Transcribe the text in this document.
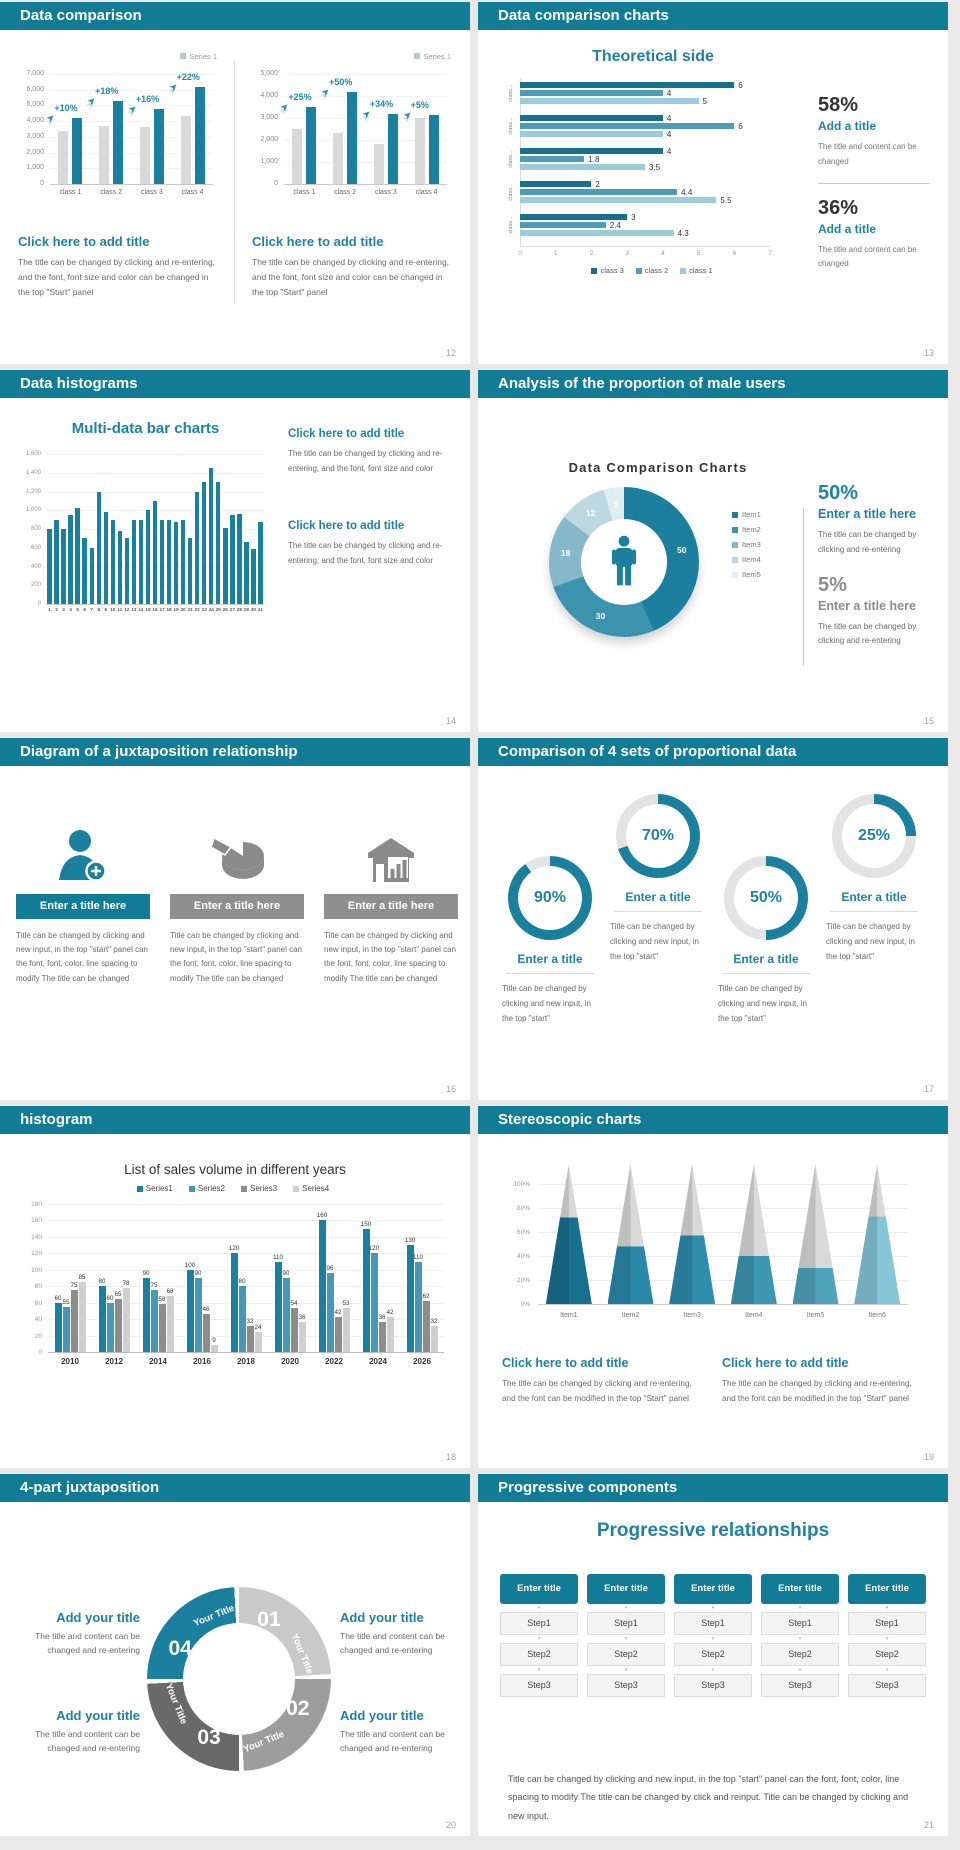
Data comparison
Series 1
0
1,000
2,000
3,000
4,000
5,000
6,000
7,000
class 1
+10%
➤
class 2
+18%
➤
class 3
+16%
➤
class 4
+22%
➤
Series 1
0
1,000
2,000
3,000
4,000
5,000
class 1
+25%
➤
class 2
+50%
➤
class 3
+34%
➤
class 4
+5%
➤
Click here to add title
The title can be changed by clicking and re-entering, and the font, font size and color can be changed in the top "Start" panel
Click here to add title
The title can be changed by clicking and re-entering, and the font, font size and color can be changed in the top "Start" panel
12
Data comparison charts
Theoretical side
6
4
5
class...
4
6
4
class...
4
1.8
3.5
class...
2
4.4
5.5
class...
3
2.4
4.3
class...
0	1	2	3	4	5	6	7
class 3	class 2	class 1
58%
Add a title
The title and content can be changed
36%
Add a title
The title and content can be changed
13
Data histograms
Multi-data bar charts
0
200
400
600
800
1,000
1,200
1,400
1,600
1 2 3 4 5 6 7 8 9 10 11 12 13 14 15 16 17 18 19 20 21 22 23 24 25 26 27 28 29 30 31
Click here to add title
The title can be changed by clicking and re-entering, and the font, font size and color
Click here to add title
The title can be changed by clicking and re-entering, and the font, font size and color
14
Analysis of the proportion of male users
Data Comparison Charts
50
30
18
12
5
Item1
Item2
Item3
Item4
Item5
50%
Enter a title here
The title can be changed by clicking and re-entering
5%
Enter a title here
The title can be changed by clicking and re-entering
15
Diagram of a juxtaposition relationship
Enter a title here
Title can be changed by clicking and new input, in the top "start" panel can the font, font, color, line spacing to modify The title can be changed
Enter a title here
Title can be changed by clicking and new input, in the top "start" panel can the font, font, color, line spacing to modify The title can be changed
Enter a title here
Title can be changed by clicking and new input, in the top "start" panel can the font, font, color, line spacing to modify The title can be changed
16
Comparison of 4 sets of proportional data
90%
Enter a title
Title can be changed by clicking and new input, in the top "start"
70%
Enter a title
Title can be changed by clicking and new input, in the top "start"
50%
Enter a title
Title can be changed by clicking and new input, in the top "start"
25%
Enter a title
Title can be changed by clicking and new input, in the top "start"
17
histogram
List of sales volume in different years
Series1	Series2	Series3	Series4
0
20
40
60
80
100
120
140
160
180
60
55
75
85
2010
80
60
65
78
2012
90
75
58
68
2014
100
90
46
9
2016
120
80
32
24
2018
110
90
54
36
2020
160
96
42
53
2022
150
120
36
42
2024
130
110
62
32
2026
18
Stereoscopic charts
0%
20%
40%
60%
80%
100%
Item1	Item2	Item3	Item4	Item5	Item6
Click here to add title
The title can be changed by clicking and re-entering, and the font can be modified in the top "Start" panel
Click here to add title
The title can be changed by clicking and re-entering, and the font can be modified in the top "Start" panel
19
4-part juxtaposition
01
Your Title
02
Your Title
03
Your Title
04
Your Title
Add your title
The title and content can be changed and re-entering
Add your title
The title and content can be changed and re-entering
Add your title
The title and content can be changed and re-entering
Add your title
The title and content can be changed and re-entering
20
Progressive components
Progressive relationships
Enter title
▾
Step1
▾
Step2
▾
Step3
Enter title
▾
Step1
▾
Step2
▾
Step3
Enter title
▾
Step1
▾
Step2
▾
Step3
Enter title
▾
Step1
▾
Step2
▾
Step3
Enter title
▾
Step1
▾
Step2
▾
Step3
Title can be changed by clicking and new input, in the top "start" panel can the font, font, color, line spacing to modify The title can be changed by click and reinput. Title can be changed by clicking and new input.
21
